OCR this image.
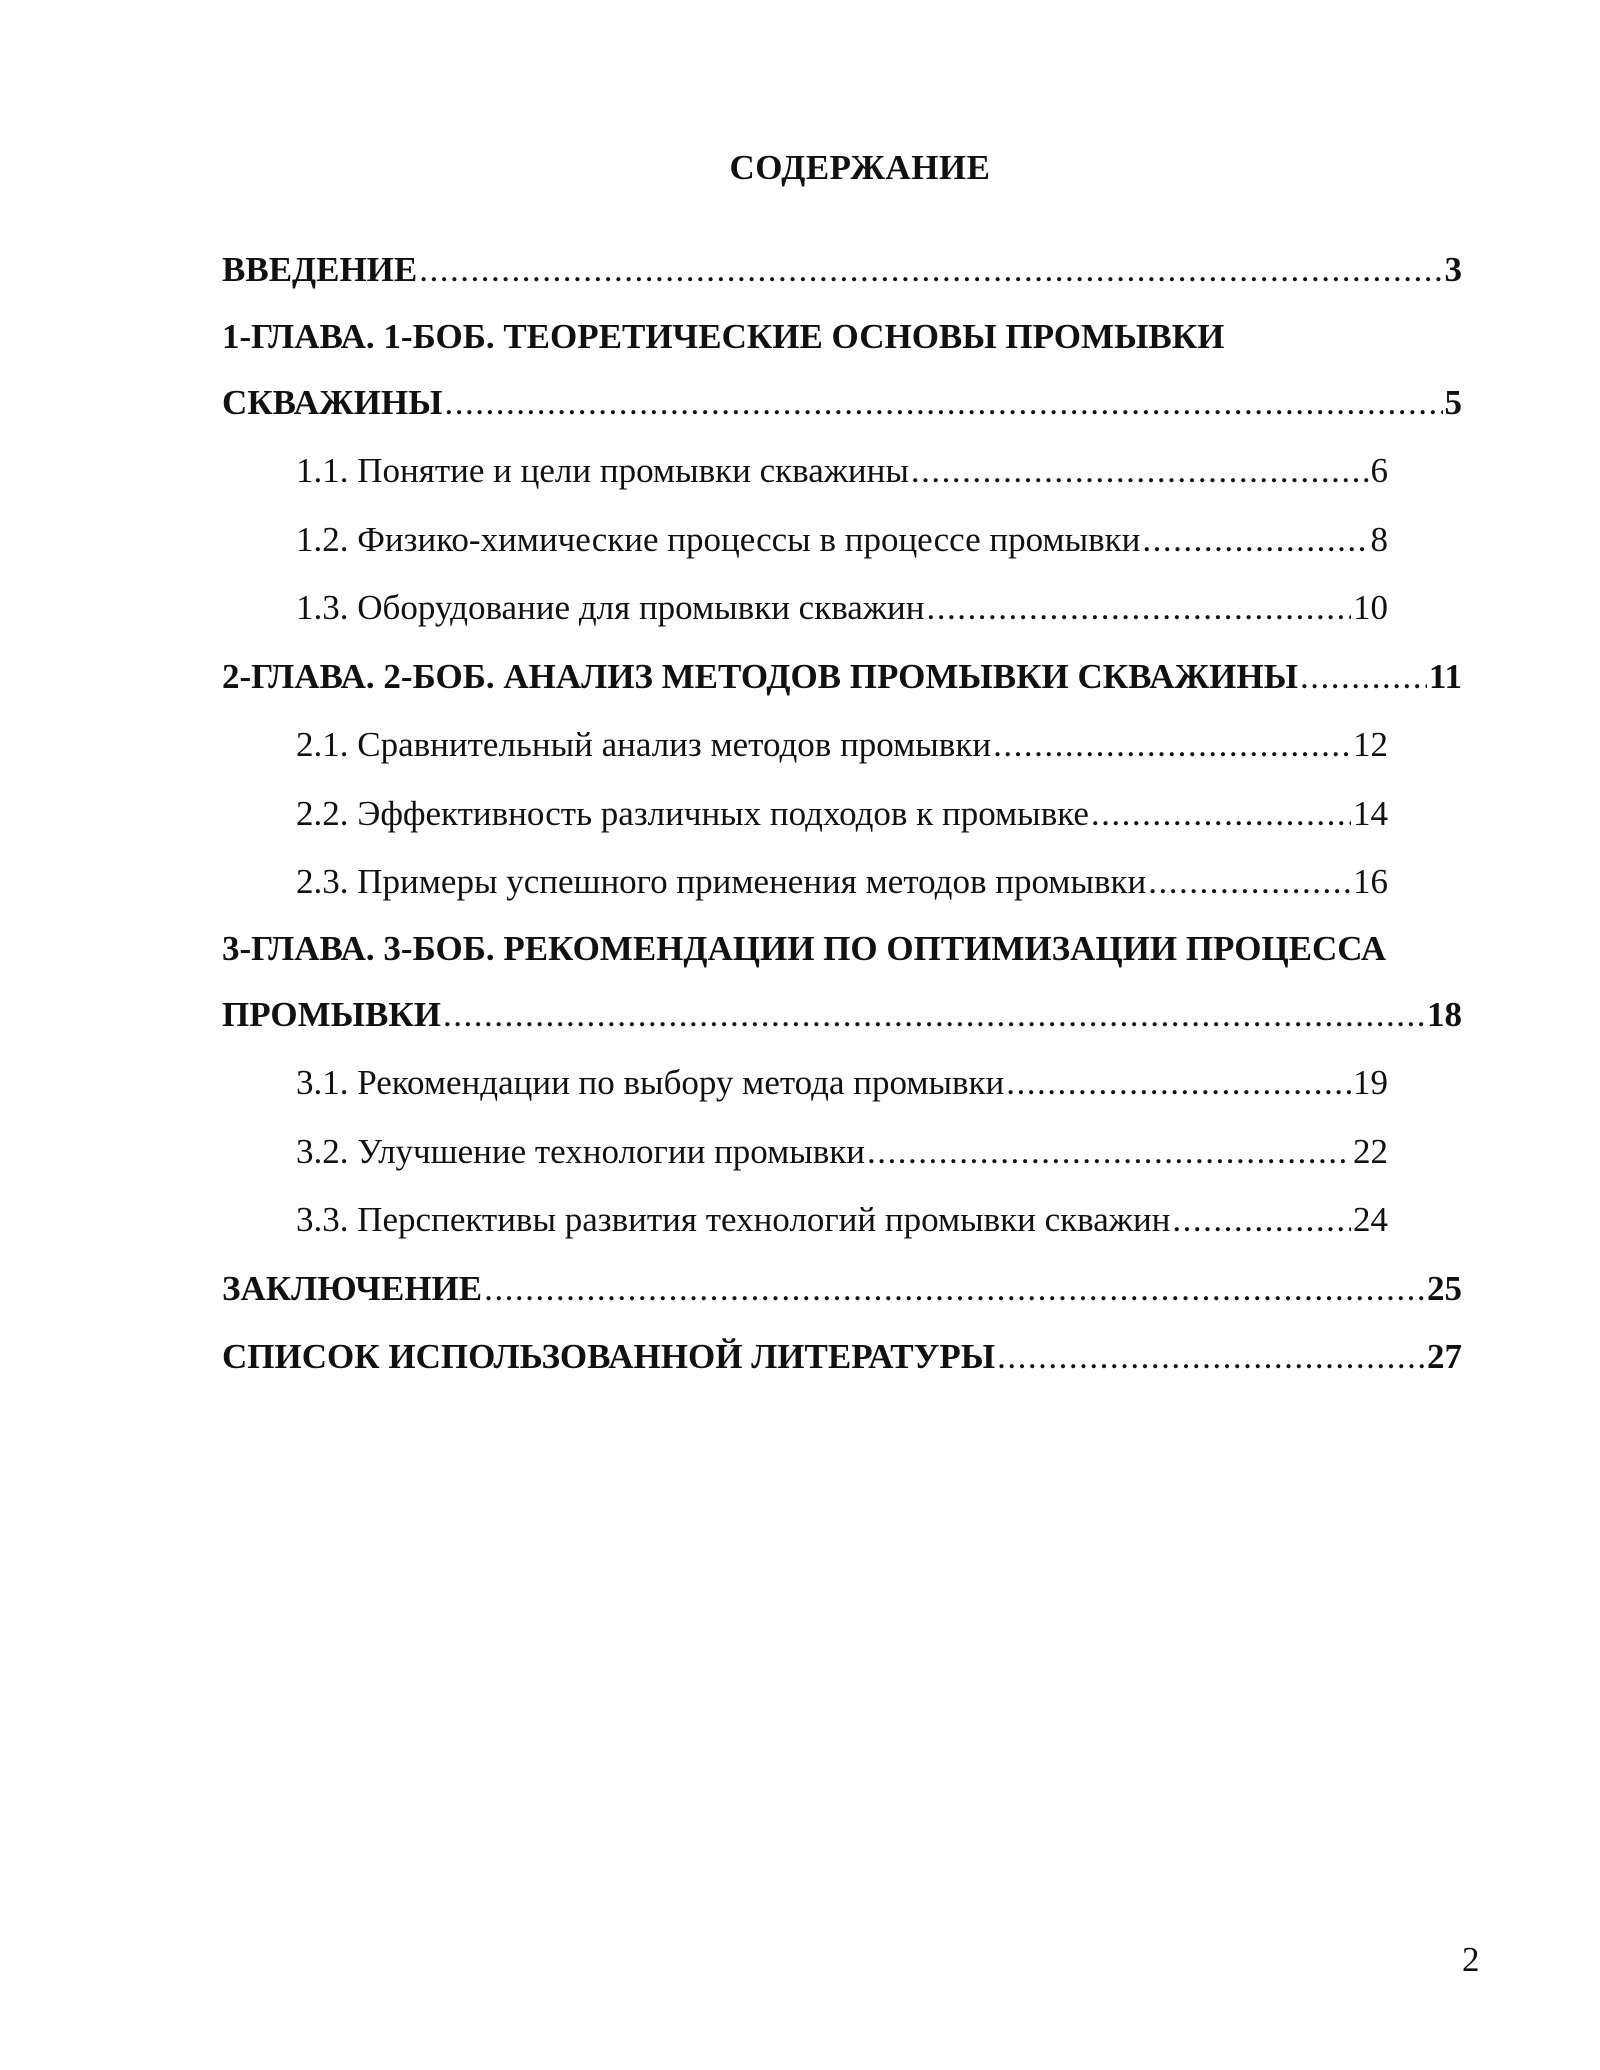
СОДЕРЖАНИЕ
ВВЕДЕНИЕ .....	3
1-ГЛАВА. 1-БОБ. ТЕОРЕТИЧЕСКИЕ ОСНОВЫ ПРОМЫВКИ
СКВАЖИНЫ .....	5
1.1. Понятие и цели промывки скважины .....	6
1.2. Физико-химические процессы в процессе промывки .....	8
1.3. Оборудование для промывки скважин .....	10
2-ГЛАВА. 2-БОБ. АНАЛИЗ МЕТОДОВ ПРОМЫВКИ СКВАЖИНЫ .....	11
2.1. Сравнительный анализ методов промывки .....	12
2.2. Эффективность различных подходов к промывке .....	14
2.3. Примеры успешного применения методов промывки .....	16
3-ГЛАВА. 3-БОБ. РЕКОМЕНДАЦИИ ПО ОПТИМИЗАЦИИ ПРОЦЕССА
ПРОМЫВКИ .....	18
3.1. Рекомендации по выбору метода промывки .....	19
3.2. Улучшение технологии промывки .....	22
3.3. Перспективы развития технологий промывки скважин .....	24
ЗАКЛЮЧЕНИЕ .....	25
СПИСОК ИСПОЛЬЗОВАННОЙ ЛИТЕРАТУРЫ .....	27
2
